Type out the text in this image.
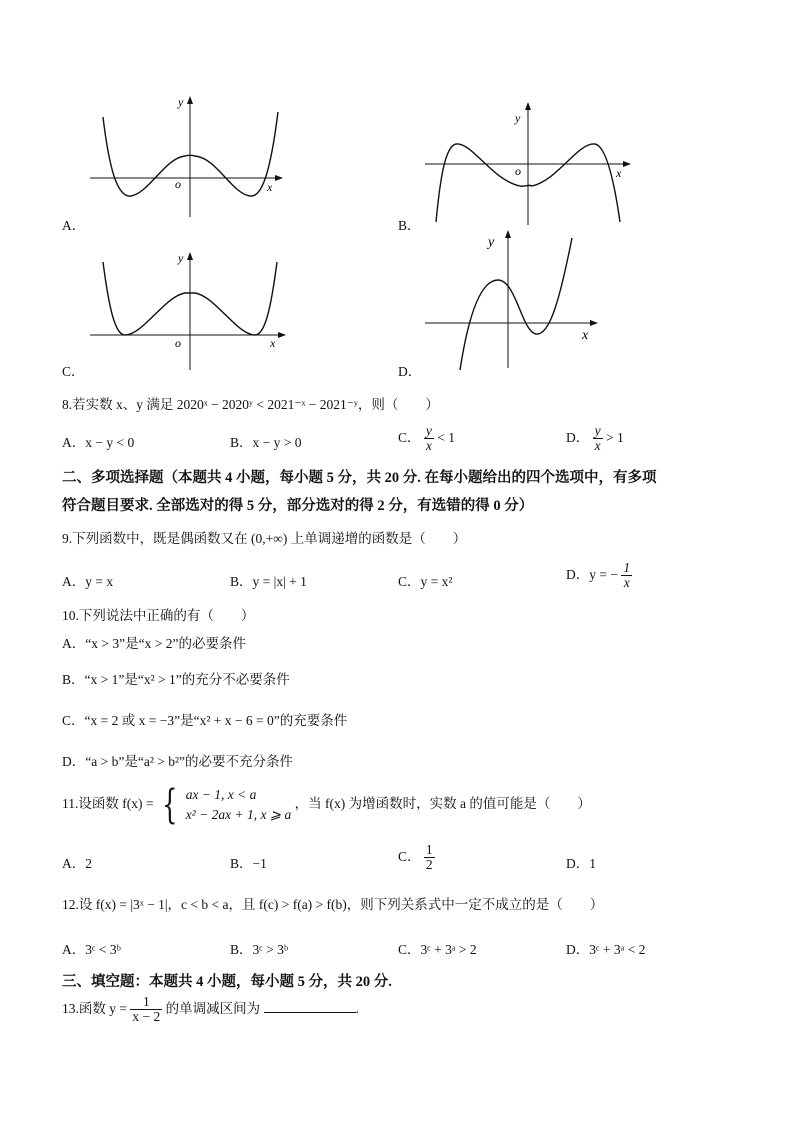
y
x
o
A．
y
x
o
B．
y
x
o
C．
y
x
D．
8.若实数 x、y 满足 2020ˣ − 2020ʸ < 2021⁻ˣ − 2021⁻ʸ，则（　　）
A．x − y < 0	B．x − y > 0	C． $\frac{y}{x} < 1$	D． $\frac{y}{x} > 1$
二、多项选择题（本题共 4 小题，每小题 5 分，共 20 分. 在每小题给出的四个选项中，有多项
符合题目要求. 全部选对的得 5 分，部分选对的得 2 分，有选错的得 0 分）
9.下列函数中，既是偶函数又在 (0,+∞) 上单调递增的函数是（　　）
A．y = x	B．y = |x| + 1	C．y = x²	D．y = − $\frac{1}{x}$
10.下列说法中正确的有（　　）
A．“x > 3”是“x > 2”的必要条件
B．“x > 1”是“x² > 1”的充分不必要条件
C．“x = 2 或 x = −3”是“x² + x − 6 = 0”的充要条件
D．“a > b”是“a² > b²”的必要不充分条件
11.设函数 f(x) = { ax − 1, x < a
x² − 2ax + 1, x ⩾ a
，当 f(x) 为增函数时，实数 a 的值可能是（　　）
A．2	B．−1	C． $\frac{1}{2}$	D．1
12.设 f(x) = |3ˣ − 1|，c < b < a，且 f(c) > f(a) > f(b)，则下列关系式中一定不成立的是（　　）
A．3ᶜ < 3ᵇ	B．3ᶜ > 3ᵇ	C．3ᶜ + 3ᵃ > 2	D．3ᶜ + 3ᵃ < 2
三、填空题：本题共 4 小题，每小题 5 分，共 20 分.
13.函数 $y = \frac{1}{x - 2}$ 的单调减区间为	.
